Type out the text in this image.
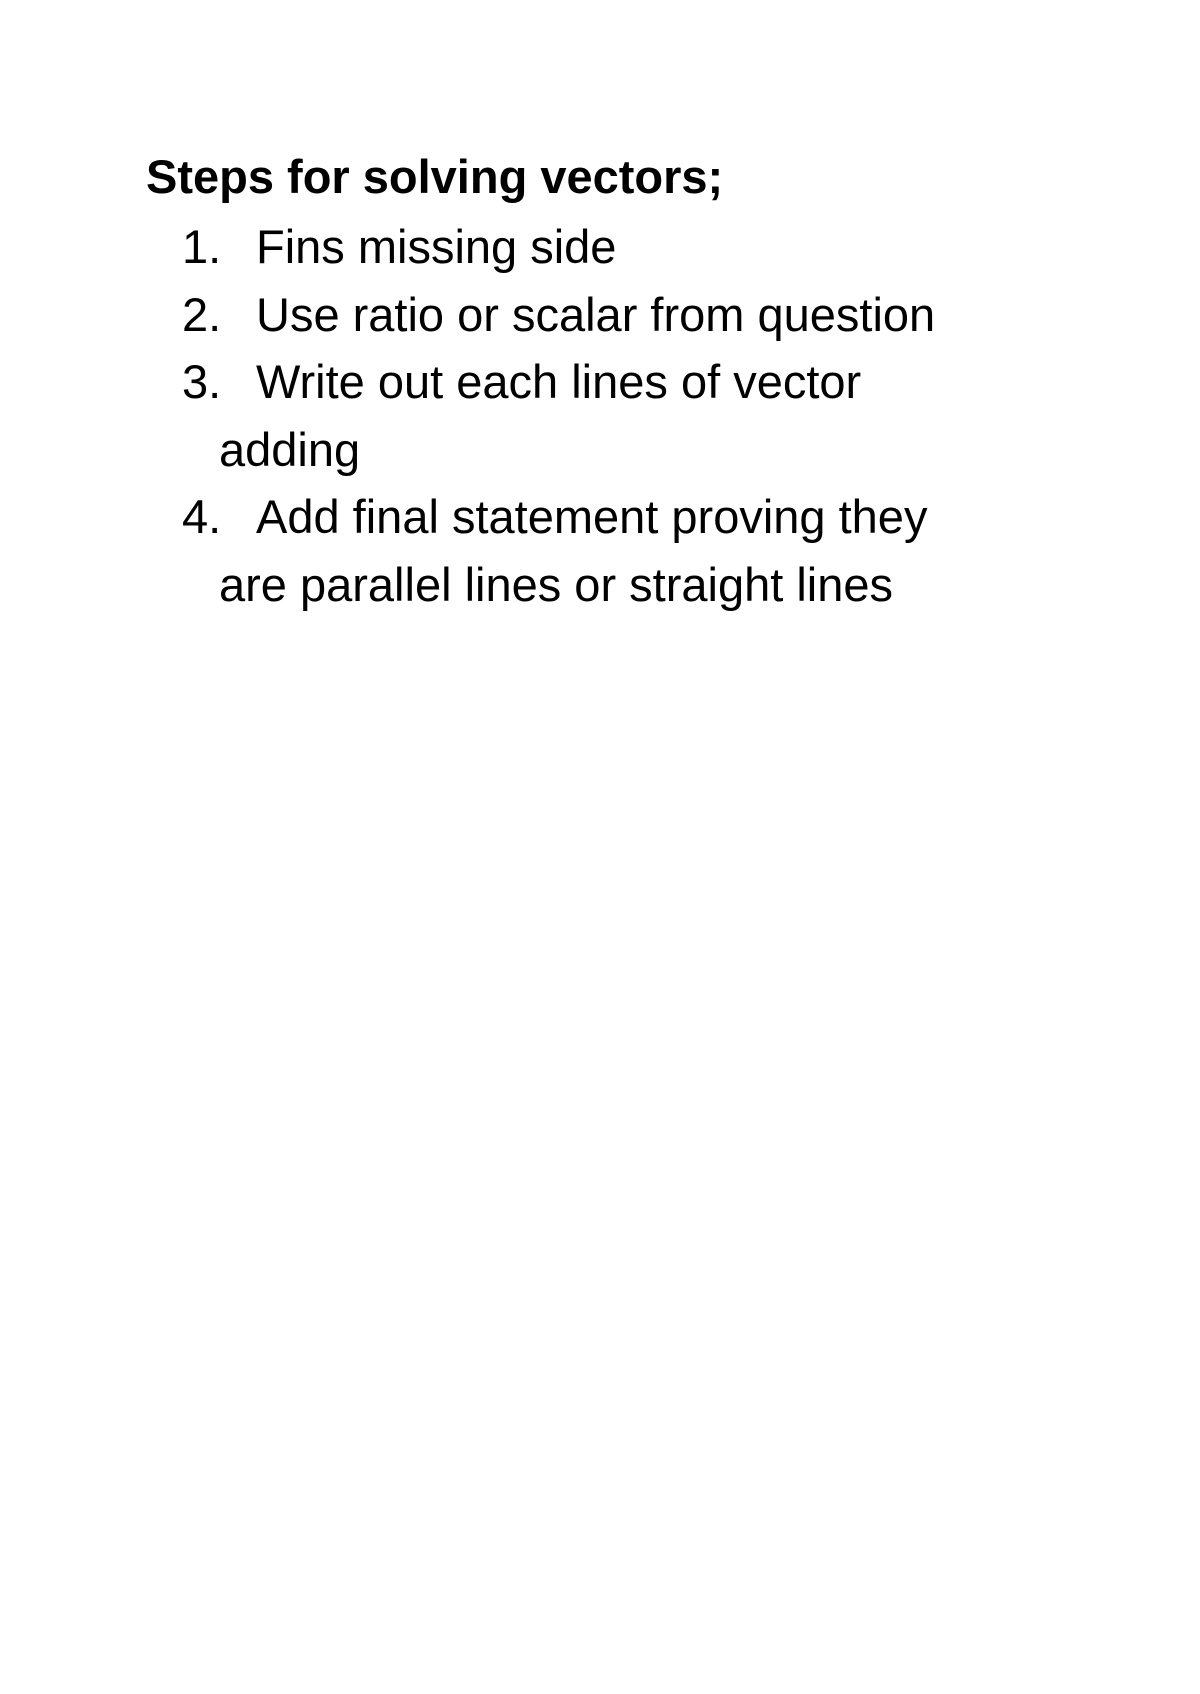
Steps for solving vectors;
1. Fins missing side
2. Use ratio or scalar from question
3. Write out each lines of vector adding
4. Add final statement proving they are parallel lines or straight lines
